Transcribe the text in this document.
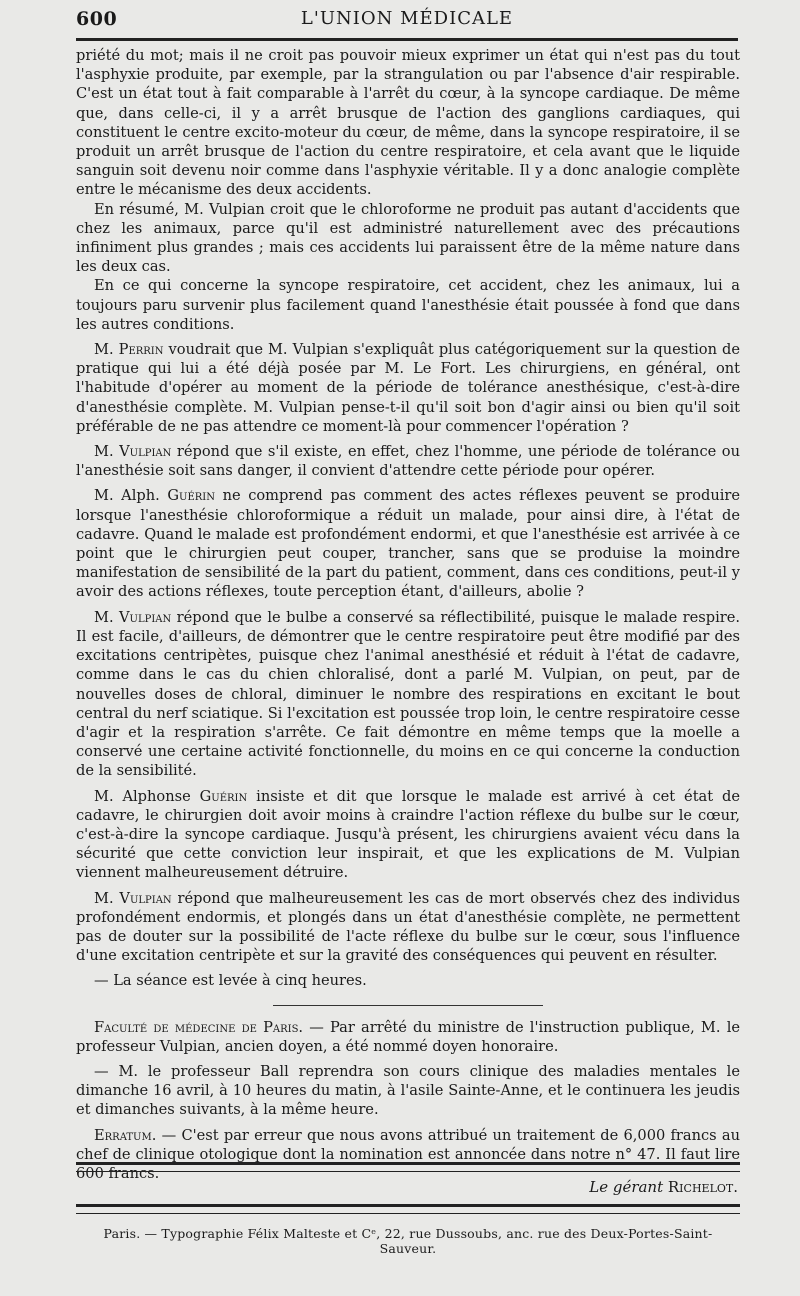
600	L'UNION MÉDICALE

priété du mot; mais il ne croit pas pouvoir mieux exprimer un état qui n'est pas du tout l'asphyxie produite, par exemple, par la strangulation ou par l'absence d'air respirable. C'est un état tout à fait comparable à l'arrêt du cœur, à la syncope cardiaque. De même que, dans celle-ci, il y a arrêt brusque de l'action des ganglions cardiaques, qui constituent le centre excito-moteur du cœur, de même, dans la syncope respiratoire, il se produit un arrêt brusque de l'action du centre respiratoire, et cela avant que le liquide sanguin soit devenu noir comme dans l'asphyxie véritable. Il y a donc analogie complète entre le mécanisme des deux accidents.

En résumé, M. Vulpian croit que le chloroforme ne produit pas autant d'accidents que chez les animaux, parce qu'il est administré naturellement avec des précautions infiniment plus grandes ; mais ces accidents lui paraissent être de la même nature dans les deux cas.

En ce qui concerne la syncope respiratoire, cet accident, chez les animaux, lui a toujours paru survenir plus facilement quand l'anesthésie était poussée à fond que dans les autres conditions.

M. Perrin voudrait que M. Vulpian s'expliquât plus catégoriquement sur la question de pratique qui lui a été déjà posée par M. Le Fort. Les chirurgiens, en général, ont l'habitude d'opérer au moment de la période de tolérance anesthésique, c'est-à-dire d'anesthésie complète. M. Vulpian pense-t-il qu'il soit bon d'agir ainsi ou bien qu'il soit préférable de ne pas attendre ce moment-là pour commencer l'opération ?

M. Vulpian répond que s'il existe, en effet, chez l'homme, une période de tolérance ou l'anesthésie soit sans danger, il convient d'attendre cette période pour opérer.

M. Alph. Guérin ne comprend pas comment des actes réflexes peuvent se produire lorsque l'anesthésie chloroformique a réduit un malade, pour ainsi dire, à l'état de cadavre. Quand le malade est profondément endormi, et que l'anesthésie est arrivée à ce point que le chirurgien peut couper, trancher, sans que se produise la moindre manifestation de sensibilité de la part du patient, comment, dans ces conditions, peut-il y avoir des actions réflexes, toute perception étant, d'ailleurs, abolie ?

M. Vulpian répond que le bulbe a conservé sa réflectibilité, puisque le malade respire. Il est facile, d'ailleurs, de démontrer que le centre respiratoire peut être modifié par des excitations centripètes, puisque chez l'animal anesthésié et réduit à l'état de cadavre, comme dans le cas du chien chloralisé, dont a parlé M. Vulpian, on peut, par de nouvelles doses de chloral, diminuer le nombre des respirations en excitant le bout central du nerf sciatique. Si l'excitation est poussée trop loin, le centre respiratoire cesse d'agir et la respiration s'arrête. Ce fait démontre en même temps que la moelle a conservé une certaine activité fonctionnelle, du moins en ce qui concerne la conduction de la sensibilité.

M. Alphonse Guérin insiste et dit que lorsque le malade est arrivé à cet état de cadavre, le chirurgien doit avoir moins à craindre l'action réflexe du bulbe sur le cœur, c'est-à-dire la syncope cardiaque. Jusqu'à présent, les chirurgiens avaient vécu dans la sécurité que cette conviction leur inspirait, et que les explications de M. Vulpian viennent malheureusement détruire.

M. Vulpian répond que malheureusement les cas de mort observés chez des individus profondément endormis, et plongés dans un état d'anesthésie complète, ne permettent pas de douter sur la possibilité de l'acte réflexe du bulbe sur le cœur, sous l'influence d'une excitation centripète et sur la gravité des conséquences qui peuvent en résulter.

— La séance est levée à cinq heures.

Faculté de médecine de Paris. — Par arrêté du ministre de l'instruction publique, M. le professeur Vulpian, ancien doyen, a été nommé doyen honoraire.

— M. le professeur Ball reprendra son cours clinique des maladies mentales le dimanche 16 avril, à 10 heures du matin, à l'asile Sainte-Anne, et le continuera les jeudis et dimanches suivants, à la même heure.

Erratum. — C'est par erreur que nous avons attribué un traitement de 6,000 francs au chef de clinique otologique dont la nomination est annoncée dans notre n° 47. Il faut lire 600 francs.

Le gérant Richelot.
Paris. — Typographie Félix Malteste et Cᵉ, 22, rue Dussoubs, anc. rue des Deux-Portes-Saint-Sauveur.
